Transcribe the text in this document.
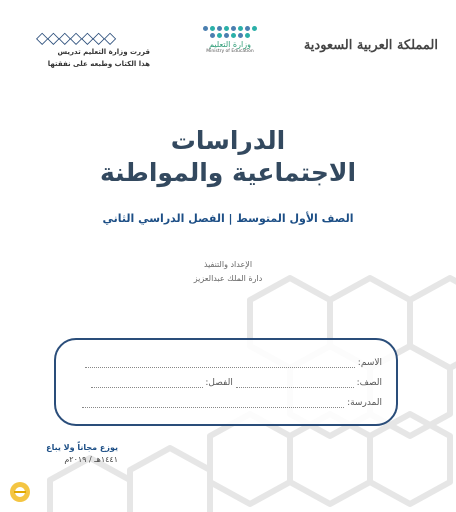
◇◇◇◇◇◇◇
قررت وزارة التعليم تدريس
هذا الكتاب وطبعه على نفقتها
وزارة التعليم
Ministry of Education	المملكة العربية السعودية
الدراسات
الاجتماعية والمواطنة
الصف الأول المتوسط | الفصل الدراسي الثاني
الإعداد والتنفيذ
دارة الملك عبدالعزيز
الاسم:
الصف:  الفصل:
المدرسة:
يوزع مجاناً ولا يباع
١٤٤١هـ / ٢٠١٩م
